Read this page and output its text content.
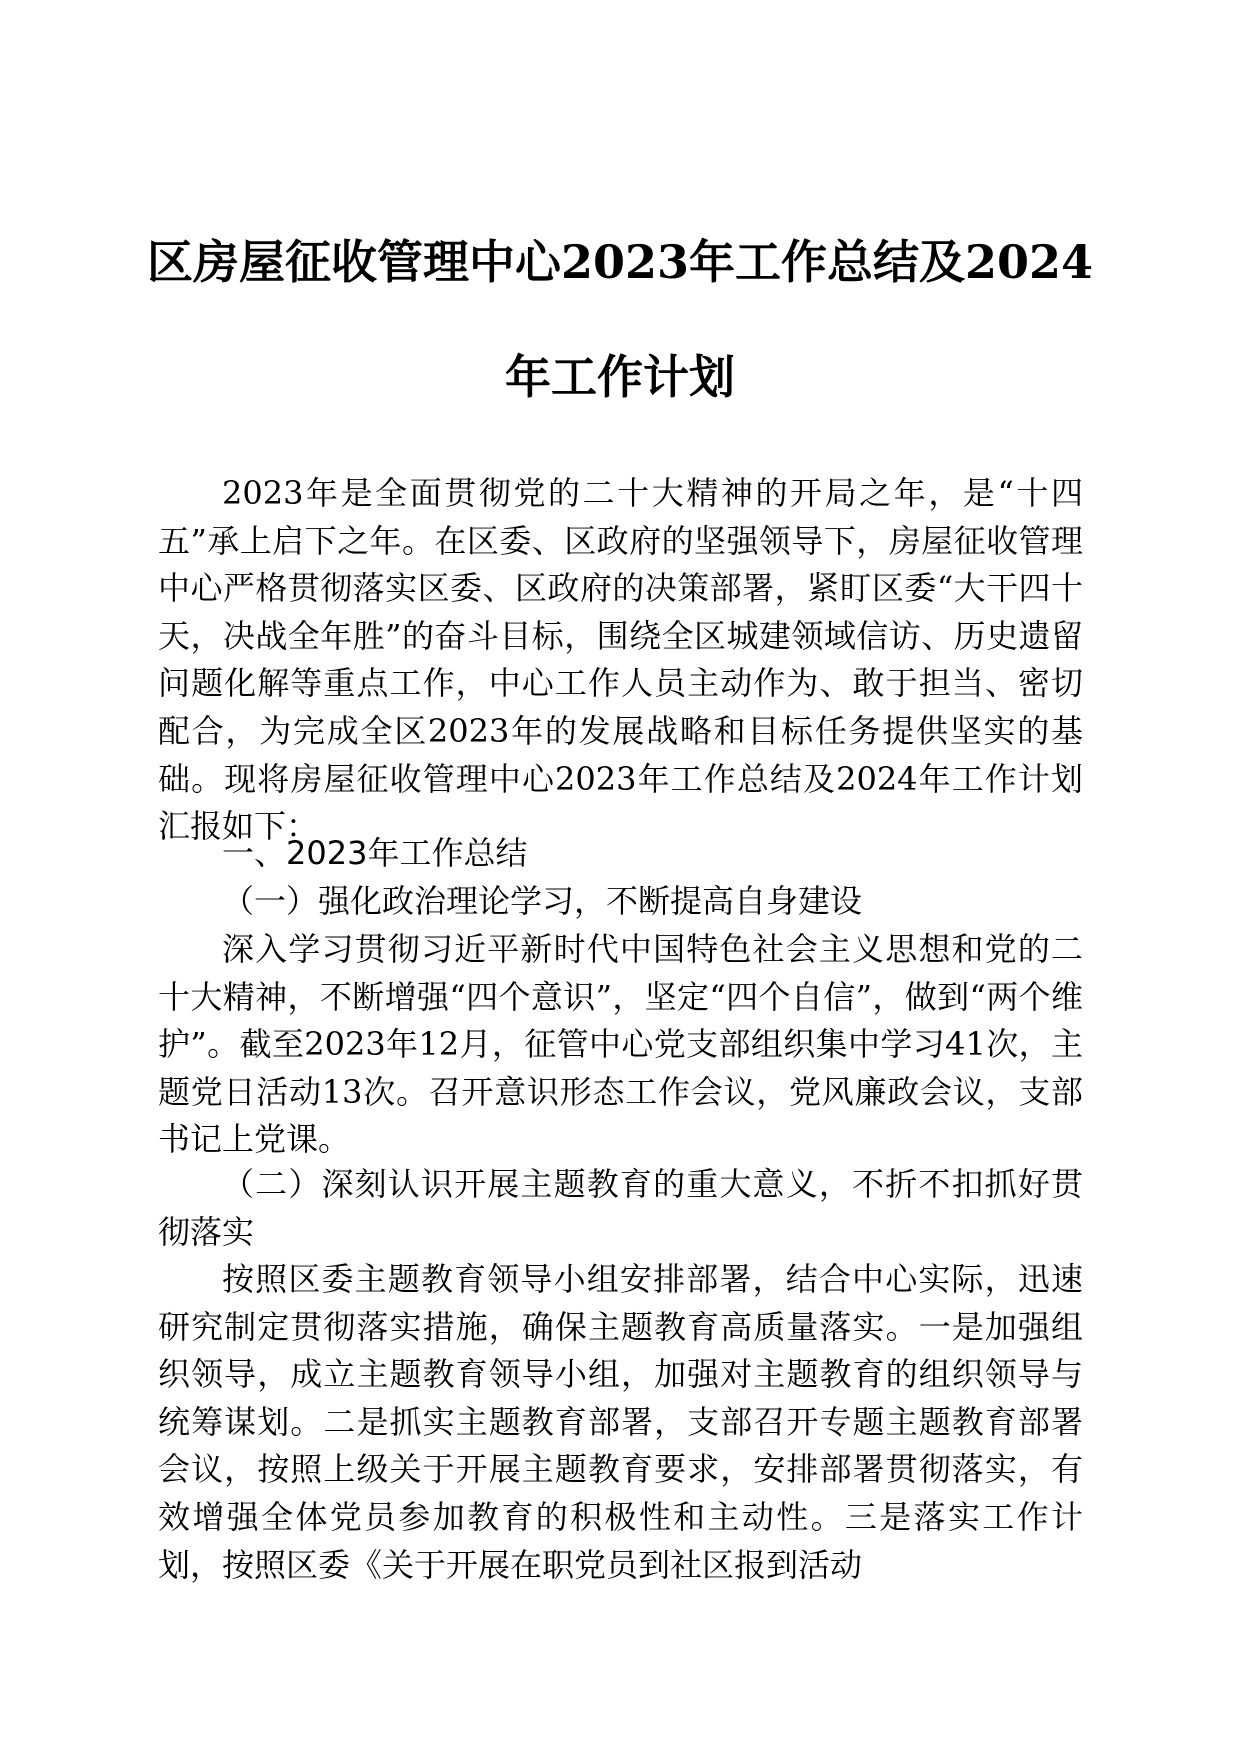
区房屋征收管理中心2023年工作总结及2024
年工作计划

2023年是全面贯彻党的二十大精神的开局之年，是“十四五”承上启下之年。在区委、区政府的坚强领导下，房屋征收管理中心严格贯彻落实区委、区政府的决策部署，紧盯区委“大干四十天，决战全年胜”的奋斗目标，围绕全区城建领域信访、历史遗留问题化解等重点工作，中心工作人员主动作为、敢于担当、密切配合，为完成全区2023年的发展战略和目标任务提供坚实的基础。现将房屋征收管理中心2023年工作总结及2024年工作计划汇报如下：

一、2023年工作总结

（一）强化政治理论学习，不断提高自身建设

深入学习贯彻习近平新时代中国特色社会主义思想和党的二十大精神，不断增强“四个意识”，坚定“四个自信”，做到“两个维护”。截至2023年12月，征管中心党支部组织集中学习41次，主题党日活动13次。召开意识形态工作会议，党风廉政会议，支部书记上党课。

（二）深刻认识开展主题教育的重大意义，不折不扣抓好贯彻落实

按照区委主题教育领导小组安排部署，结合中心实际，迅速研究制定贯彻落实措施，确保主题教育高质量落实。一是加强组织领导，成立主题教育领导小组，加强对主题教育的组织领导与统筹谋划。二是抓实主题教育部署，支部召开专题主题教育部署会议，按照上级关于开展主题教育要求，安排部署贯彻落实，有效增强全体党员参加教育的积极性和主动性。三是落实工作计划，按照区委《关于开展在职党员到社区报到活动
